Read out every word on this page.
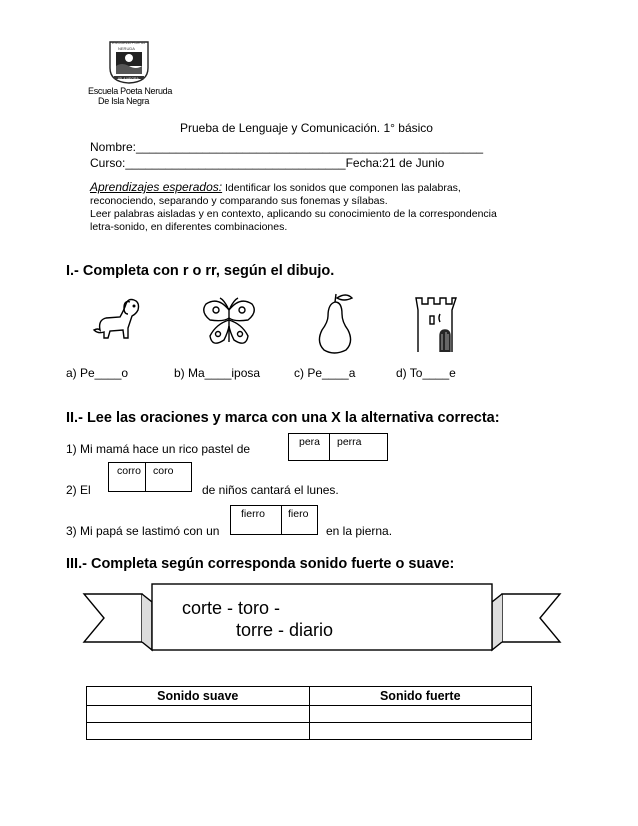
ESCUELA POETA
NERUDA
ISLA NEGRA
Escuela Poeta Neruda
De Isla Negra
Prueba de Lenguaje y Comunicación. 1° básico
Nombre:____________________________________________________
Curso:_________________________________Fecha:21 de Junio
Aprendizajes esperados: Identificar los sonidos que componen las palabras,
reconociendo, separando y comparando sus fonemas y sílabas.
Leer palabras aisladas y en contexto, aplicando su conocimiento de la correspondencia
letra-sonido, en diferentes combinaciones.
I.- Completa con r o rr, según el dibujo.
a) Pe____o	b) Ma____iposa	c) Pe____a	d) To____e
II.- Lee las oraciones y marca con una X la alternativa correcta:
1) Mi mamá hace un rico pastel de	pera perra
corro coro
2) El	de niños cantará el lunes.
fierro fiero
3) Mi papá se lastimó con un	en la pierna.
III.- Completa según corresponda sonido fuerte o suave:
corte - toro -
torre - diario
Sonido suave	Sonido fuerte
